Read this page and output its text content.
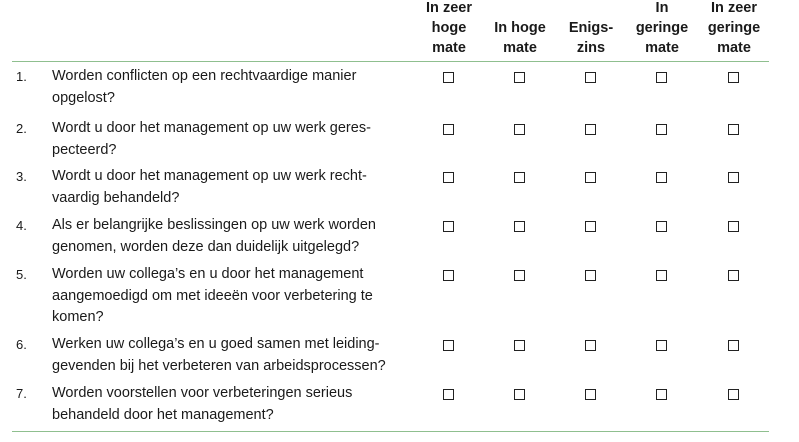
In zeer
hoge
mate
In hoge
mate
Enigs-
zins
In
geringe
mate
In zeer
geringe
mate
1. Worden conflicten op een rechtvaardige manier
opgelost?
2. Wordt u door het management op uw werk geres-
pecteerd?
3. Wordt u door het management op uw werk recht-
vaardig behandeld?
4. Als er belangrijke beslissingen op uw werk worden
genomen, worden deze dan duidelijk uitgelegd?
5. Worden uw collega’s en u door het management
aangemoedigd om met ideeën voor verbetering te
komen?
6. Werken uw collega’s en u goed samen met leiding-
gevenden bij het verbeteren van arbeidsprocessen?
7. Worden voorstellen voor verbeteringen serieus
behandeld door het management?
